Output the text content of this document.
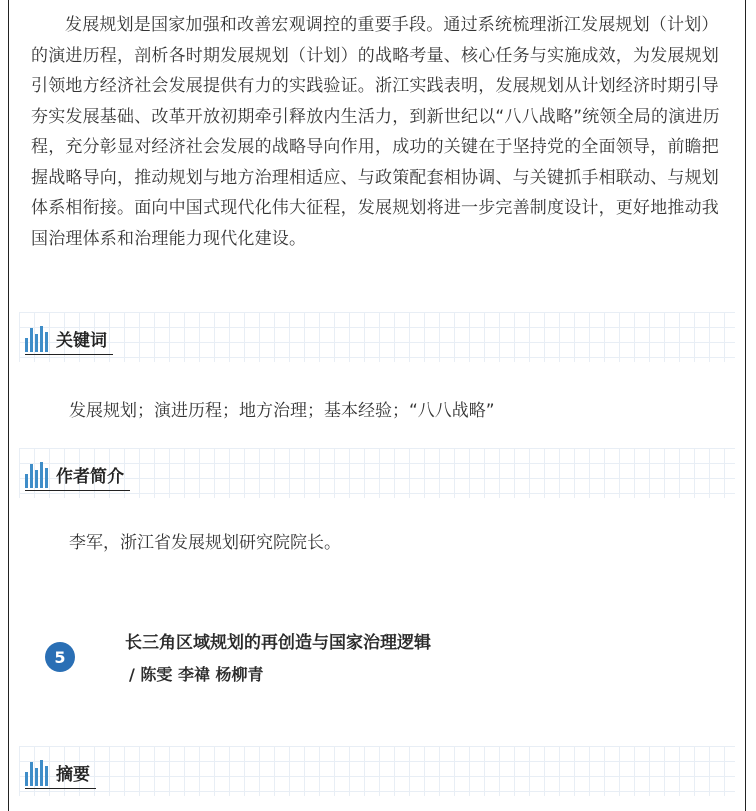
发展规划是国家加强和改善宏观调控的重要手段。通过系统梳理浙江发展规划（计划）的演进历程，剖析各时期发展规划（计划）的战略考量、核心任务与实施成效，为发展规划引领地方经济社会发展提供有力的实践验证。浙江实践表明，发展规划从计划经济时期引导夯实发展基础、改革开放初期牵引释放内生活力，到新世纪以“八八战略”统领全局的演进历程，充分彰显对经济社会发展的战略导向作用，成功的关键在于坚持党的全面领导，前瞻把握战略导向，推动规划与地方治理相适应、与政策配套相协调、与关键抓手相联动、与规划体系相衔接。面向中国式现代化伟大征程，发展规划将进一步完善制度设计，更好地推动我国治理体系和治理能力现代化建设。

关键词
发展规划；演进历程；地方治理；基本经验；“八八战略”
作者简介
李军，浙江省发展规划研究院院长。
5
长三角区域规划的再创造与国家治理逻辑
/ 陈雯 李禕 杨柳青
摘要
